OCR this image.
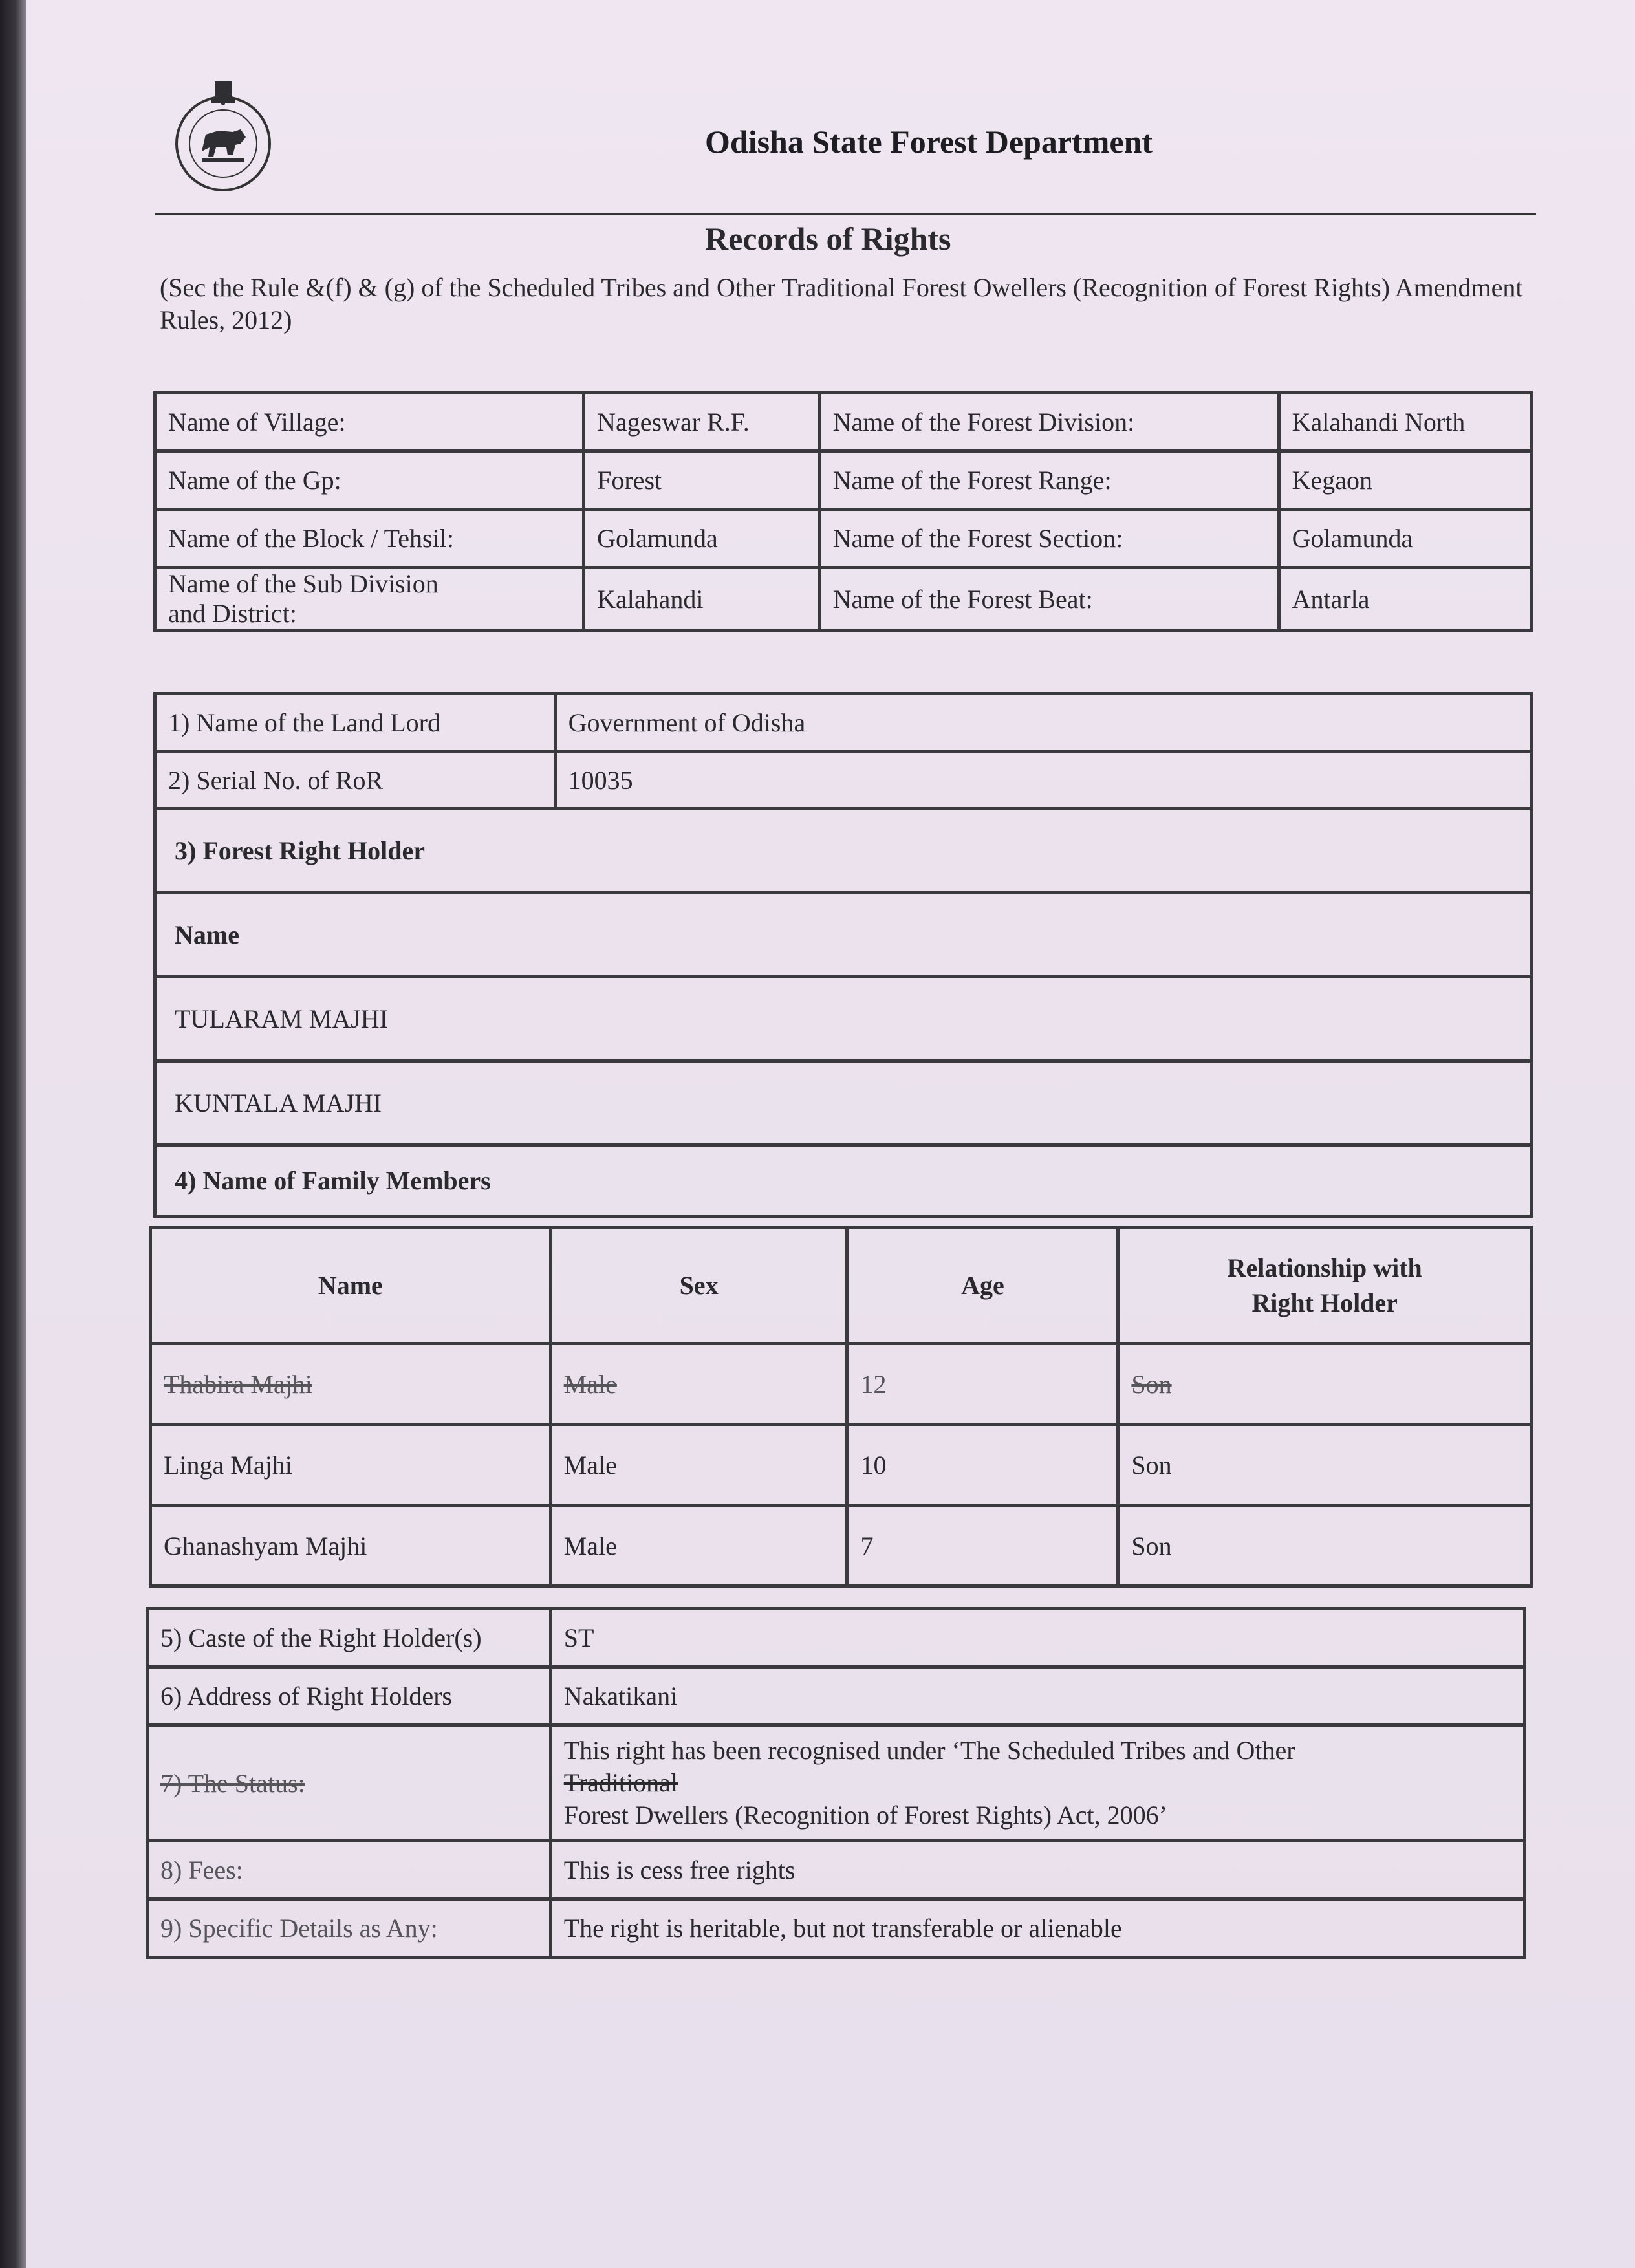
Odisha State Forest Department
Records of Rights
(Sec the Rule &(f) & (g) of the Scheduled Tribes and Other Traditional Forest Owellers (Recognition of Forest Rights) Amendment Rules, 2012)
Name of Village:	Nageswar R.F.	Name of the Forest Division:	Kalahandi North
Name of the Gp:	Forest	Name of the Forest Range:	Kegaon
Name of the Block / Tehsil:	Golamunda	Name of the Forest Section:	Golamunda
Name of the Sub Division
and District:	Kalahandi	Name of the Forest Beat:	Antarla
1) Name of the Land Lord	Government of Odisha
2) Serial No. of RoR	10035
3) Forest Right Holder	
Name	
TULARAM MAJHI	
KUNTALA MAJHI	
4) Name of Family Members	
Name	Sex	Age	Relationship with
Right Holder
Thabira Majhi	Male	12	Son
Linga Majhi	Male	10	Son
Ghanashyam Majhi	Male	7	Son
5) Caste of the Right Holder(s)	ST
6) Address of Right Holders	Nakatikani
7) The Status:	This right has been recognised under ‘The Scheduled Tribes and Other
Traditional
Forest Dwellers (Recognition of Forest Rights) Act, 2006’
8) Fees:	This is cess free rights
9) Specific Details as Any:	The right is heritable, but not transferable or alienable
